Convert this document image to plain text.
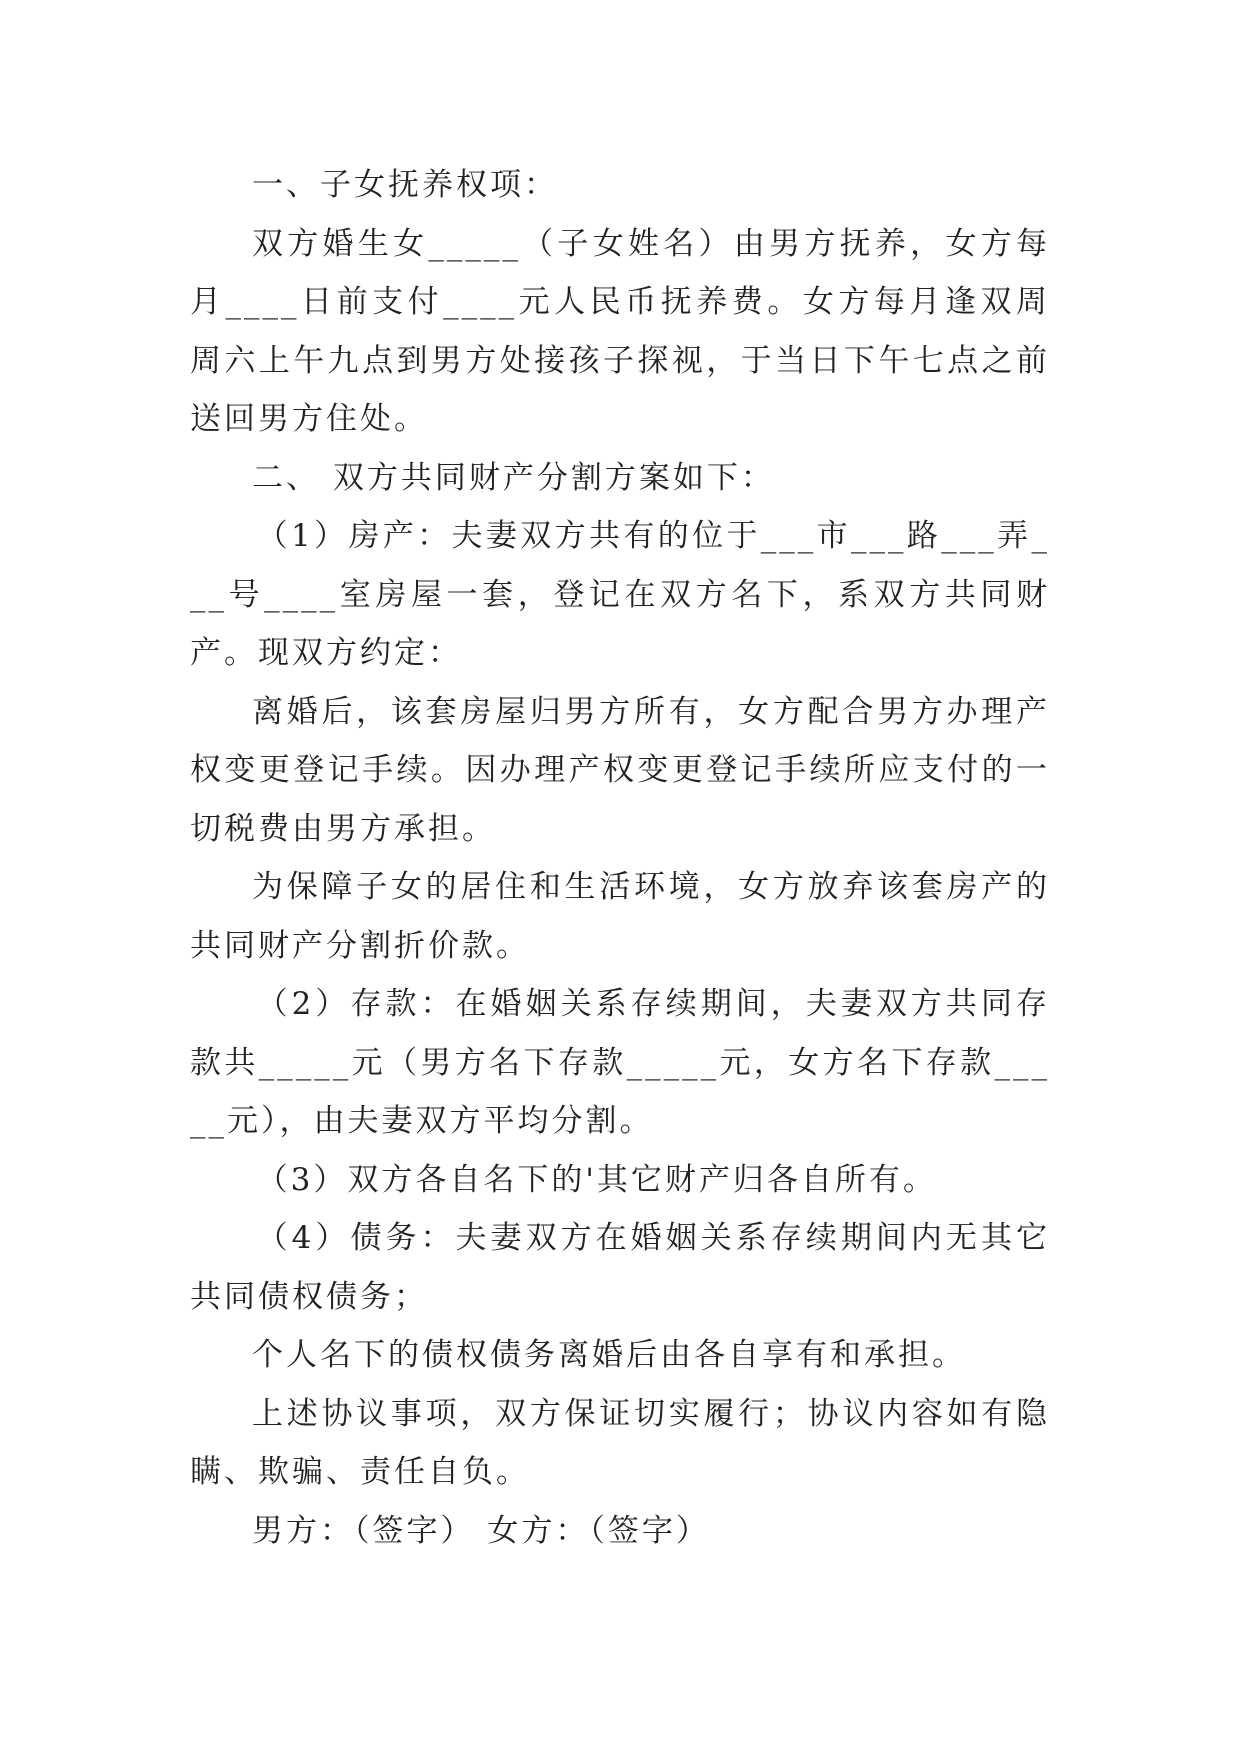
一、子女抚养权项：

双方婚生女_____（子女姓名）由男方抚养，女方每月____日前支付____元人民币抚养费。女方每月逢双周周六上午九点到男方处接孩子探视，于当日下午七点之前送回男方住处。

二、 双方共同财产分割方案如下：

（1）房产：夫妻双方共有的位于___市___路___弄___号____室房屋一套，登记在双方名下，系双方共同财产。现双方约定：

离婚后，该套房屋归男方所有，女方配合男方办理产权变更登记手续。因办理产权变更登记手续所应支付的一切税费由男方承担。

为保障子女的居住和生活环境，女方放弃该套房产的共同财产分割折价款。

（2）存款：在婚姻关系存续期间，夫妻双方共同存款共_____元（男方名下存款_____元，女方名下存款_____元），由夫妻双方平均分割。

（3）双方各自名下的'其它财产归各自所有。

（4）债务：夫妻双方在婚姻关系存续期间内无其它共同债权债务；

个人名下的债权债务离婚后由各自享有和承担。

上述协议事项，双方保证切实履行；协议内容如有隐瞒、欺骗、责任自负。

男方：（签字） 女方：（签字）
